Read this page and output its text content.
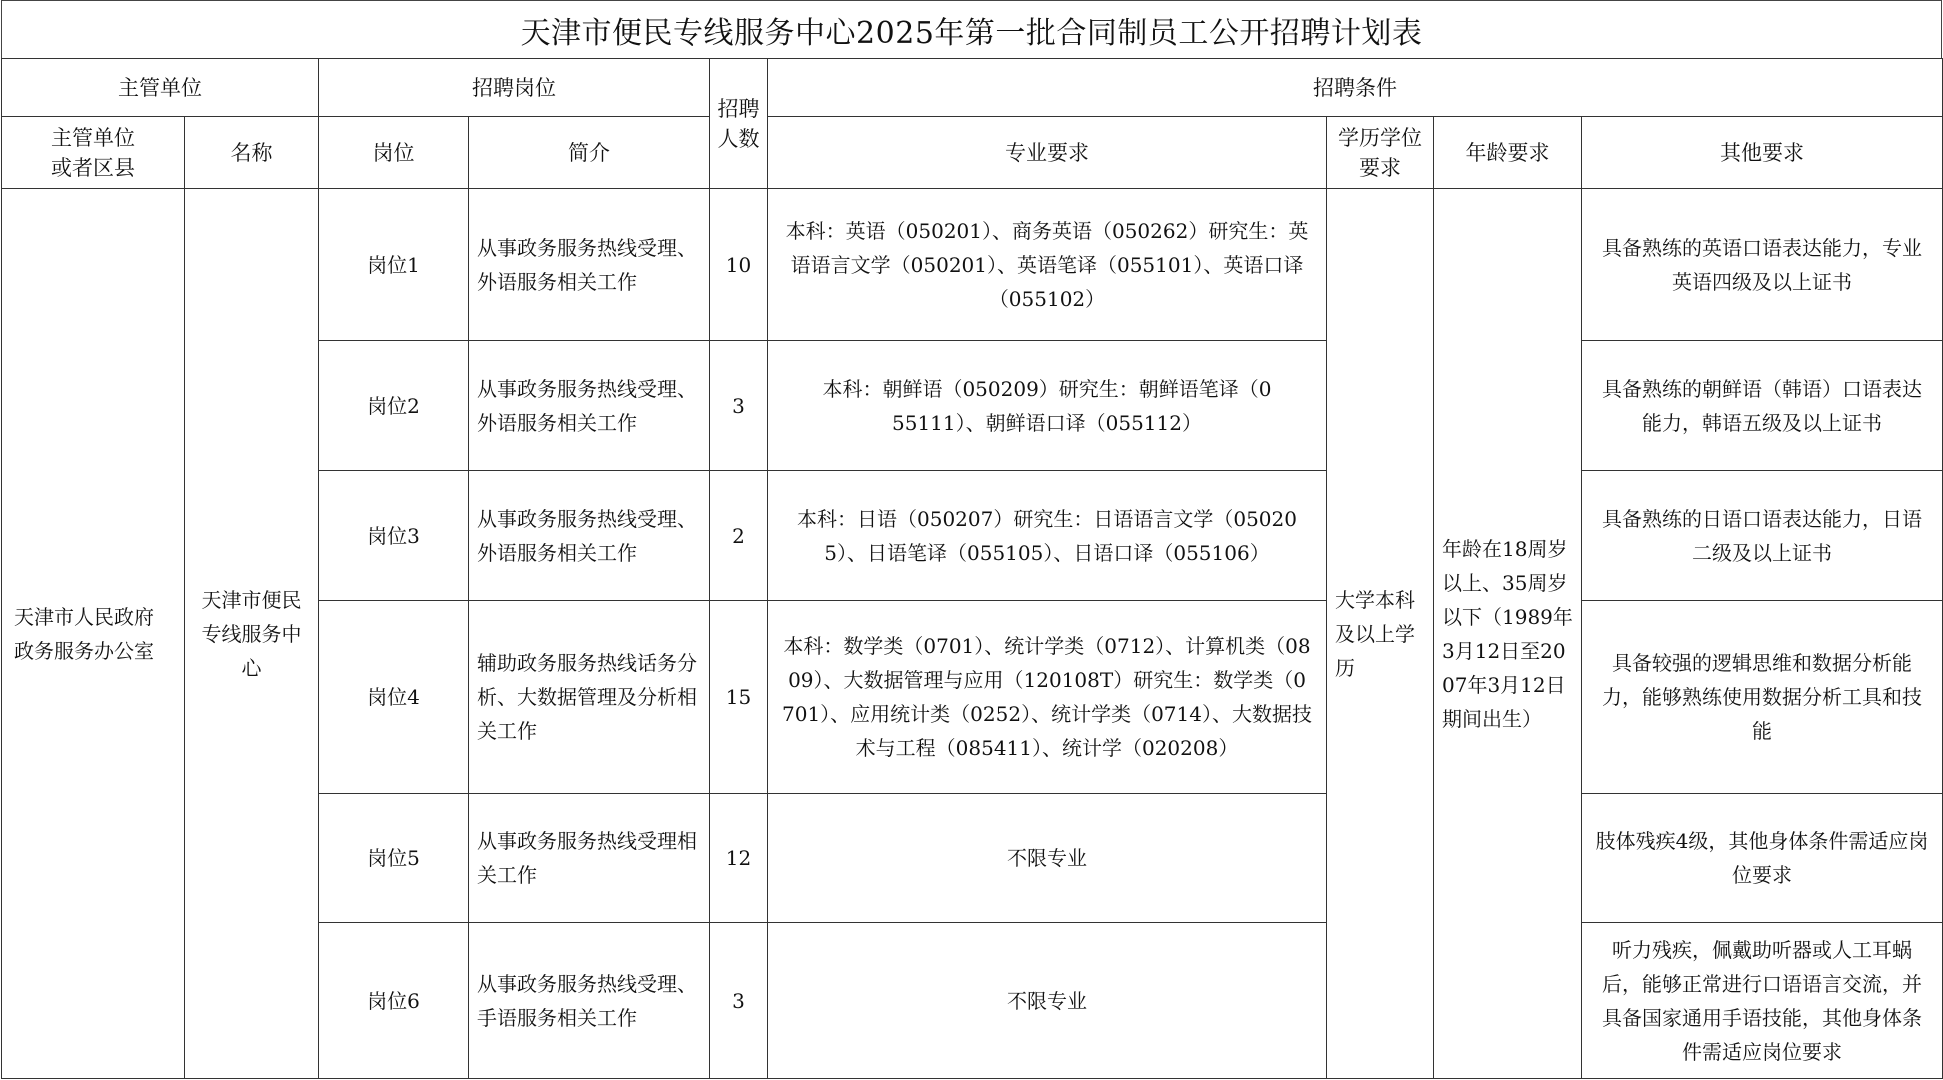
天津市便民专线服务中心2025年第一批合同制员工公开招聘计划表
主管单位		招聘岗位		招聘人数	招聘条件			
主管单位或者区县	名称	岗位	简介		专业要求	学历学位要求	年龄要求	其他要求
天津市人民政府政务服务办公室	天津市便民专线服务中心	岗位1	从事政务服务热线受理、外语服务相关工作	10	本科：英语（050201）、商务英语（050262）研究生：英语语言文学（050201）、英语笔译（055101）、英语口译（055102）	大学本科及以上学历	年龄在18周岁以上、35周岁以下（1989年3月12日至2007年3月12日期间出生）	具备熟练的英语口语表达能力，专业英语四级及以上证书
		岗位2	从事政务服务热线受理、外语服务相关工作	3	本科：朝鲜语（050209）研究生：朝鲜语笔译（055111）、朝鲜语口译（055112）			具备熟练的朝鲜语（韩语）口语表达能力，韩语五级及以上证书
		岗位3	从事政务服务热线受理、外语服务相关工作	2	本科：日语（050207）研究生：日语语言文学（050205）、日语笔译（055105）、日语口译（055106）			具备熟练的日语口语表达能力，日语二级及以上证书
		岗位4	辅助政务服务热线话务分析、大数据管理及分析相关工作	15	本科：数学类（0701）、统计学类（0712）、计算机类（0809）、大数据管理与应用（120108T）研究生：数学类（0701）、应用统计类（0252）、统计学类（0714）、大数据技术与工程（085411）、统计学（020208）			具备较强的逻辑思维和数据分析能力，能够熟练使用数据分析工具和技能
		岗位5	从事政务服务热线受理相关工作	12	不限专业			肢体残疾4级，其他身体条件需适应岗位要求
		岗位6	从事政务服务热线受理、手语服务相关工作	3	不限专业			听力残疾，佩戴助听器或人工耳蜗后，能够正常进行口语语言交流，并具备国家通用手语技能，其他身体条件需适应岗位要求
